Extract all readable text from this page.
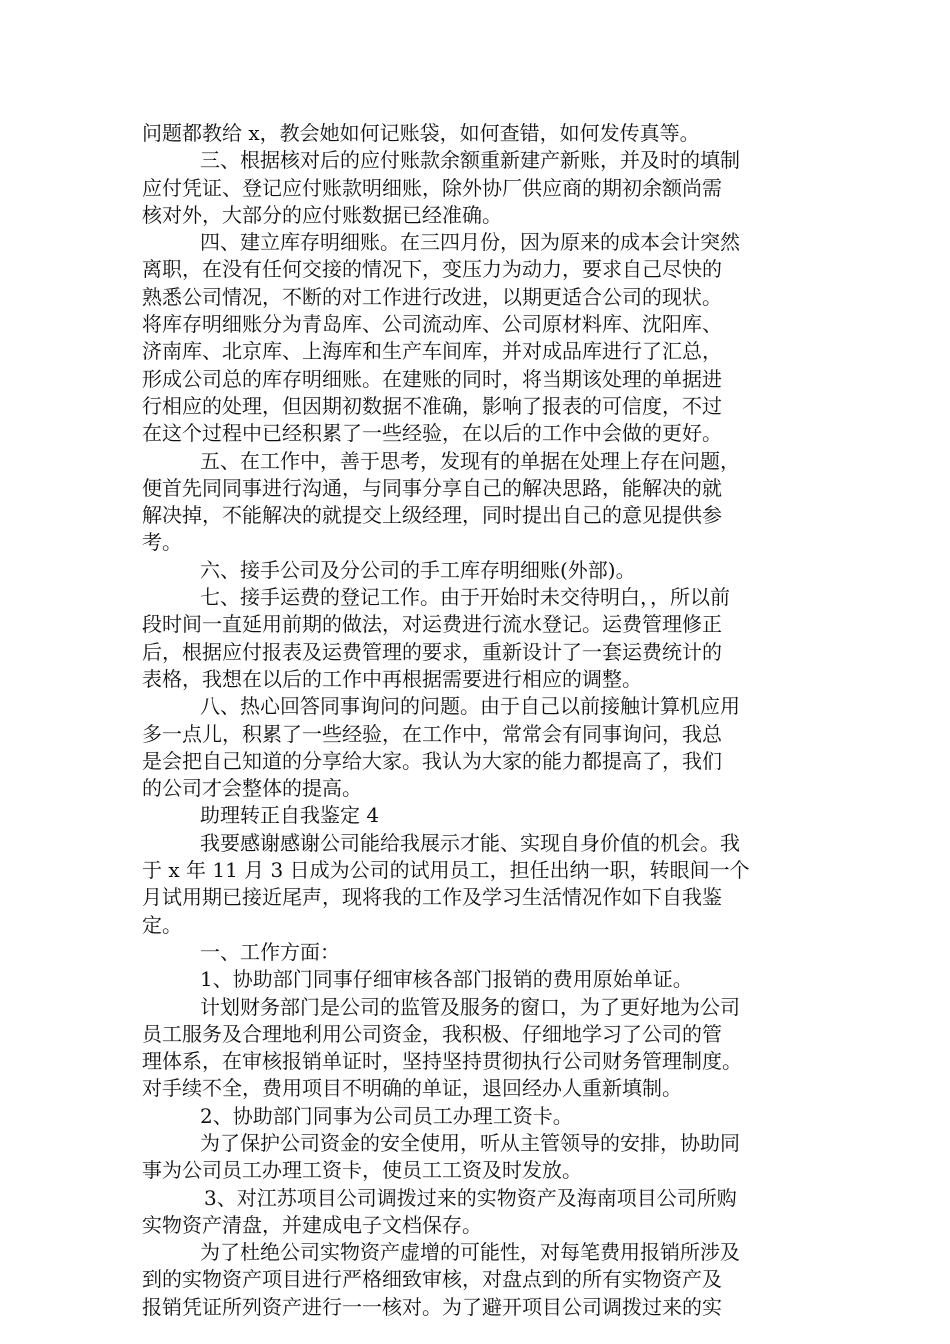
问题都教给 x，教会她如何记账袋，如何查错，如何发传真等。
三、根据核对后的应付账款余额重新建产新账，并及时的填制
应付凭证、登记应付账款明细账，除外协厂供应商的期初余额尚需
核对外，大部分的应付账数据已经准确。
四、建立库存明细账。在三四月份，因为原来的成本会计突然
离职，在没有任何交接的情况下，变压力为动力，要求自己尽快的
熟悉公司情况，不断的对工作进行改进，以期更适合公司的现状。
将库存明细账分为青岛库、公司流动库、公司原材料库、沈阳库、
济南库、北京库、上海库和生产车间库，并对成品库进行了汇总，
形成公司总的库存明细账。在建账的同时，将当期该处理的单据进
行相应的处理，但因期初数据不准确，影响了报表的可信度，不过
在这个过程中已经积累了一些经验，在以后的工作中会做的更好。
五、在工作中，善于思考，发现有的单据在处理上存在问题，
便首先同同事进行沟通，与同事分享自己的解决思路，能解决的就
解决掉，不能解决的就提交上级经理，同时提出自己的意见提供参
考。
六、接手公司及分公司的手工库存明细账(外部)。
七、接手运费的登记工作。由于开始时未交待明白，，所以前
段时间一直延用前期的做法，对运费进行流水登记。运费管理修正
后，根据应付报表及运费管理的要求，重新设计了一套运费统计的
表格，我想在以后的工作中再根据需要进行相应的调整。
八、热心回答同事询问的问题。由于自己以前接触计算机应用
多一点儿，积累了一些经验，在工作中，常常会有同事询问，我总
是会把自己知道的分享给大家。我认为大家的能力都提高了，我们
的公司才会整体的提高。
助理转正自我鉴定 4
我要感谢感谢公司能给我展示才能、实现自身价值的机会。我
于 x 年 11 月 3 日成为公司的试用员工，担任出纳一职，转眼间一个
月试用期已接近尾声，现将我的工作及学习生活情况作如下自我鉴
定。
一、工作方面：
1、协助部门同事仔细审核各部门报销的费用原始单证。
计划财务部门是公司的监管及服务的窗口，为了更好地为公司
员工服务及合理地利用公司资金，我积极、仔细地学习了公司的管
理体系，在审核报销单证时，坚持坚持贯彻执行公司财务管理制度。
对手续不全，费用项目不明确的单证，退回经办人重新填制。
2、协助部门同事为公司员工办理工资卡。
为了保护公司资金的安全使用，听从主管领导的安排，协助同
事为公司员工办理工资卡，使员工工资及时发放。
3、对江苏项目公司调拨过来的实物资产及海南项目公司所购
实物资产清盘，并建成电子文档保存。
为了杜绝公司实物资产虚增的可能性，对每笔费用报销所涉及
到的实物资产项目进行严格细致审核，对盘点到的所有实物资产及
报销凭证所列资产进行一一核对。为了避开项目公司调拨过来的实
